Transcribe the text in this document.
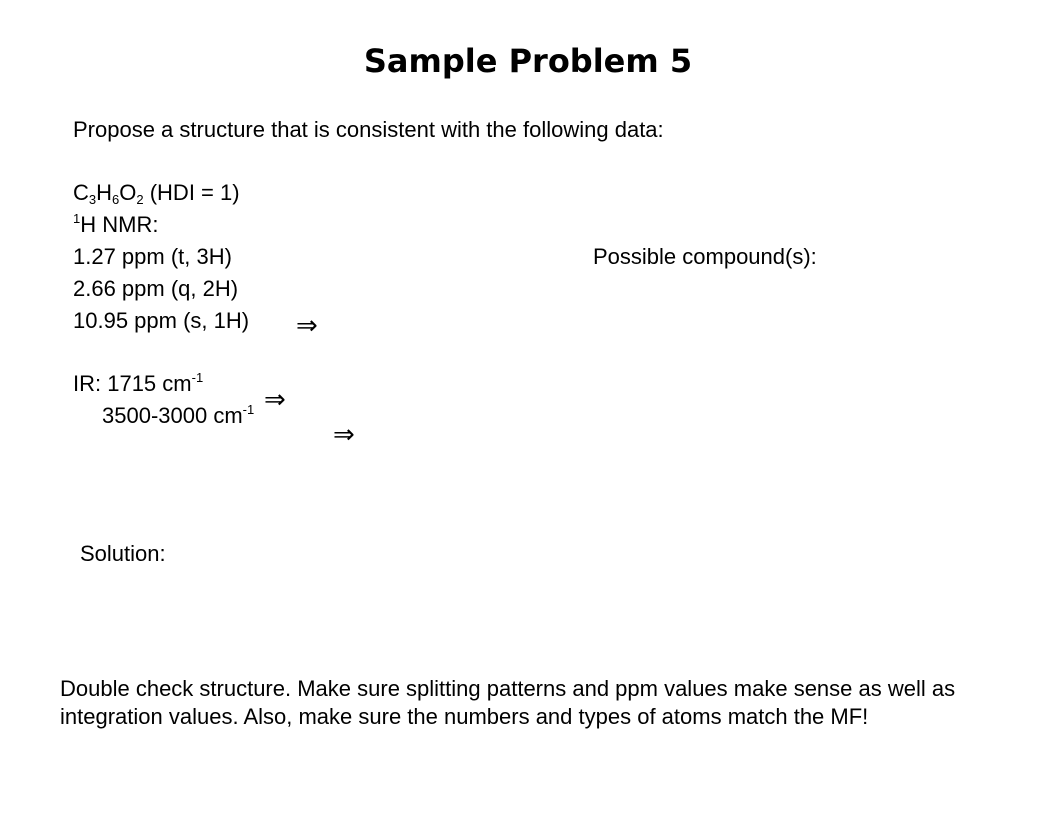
Sample Problem 5
Propose a structure that is consistent with the following data:
$C_3H_6O_2$ (HDI = 1)
$^1$H NMR:
1.27 ppm (t, 3H)
2.66 ppm (q, 2H)
10.95 ppm (s, 1H)
Possible compound(s):
IR: 1715 $cm^{-1}$
3500-3000 $cm^{-1}$
⇒
⇒
⇒
Solution:
Double check structure. Make sure splitting patterns and ppm values make sense as well as integration values. Also, make sure the numbers and types of atoms match the MF!
